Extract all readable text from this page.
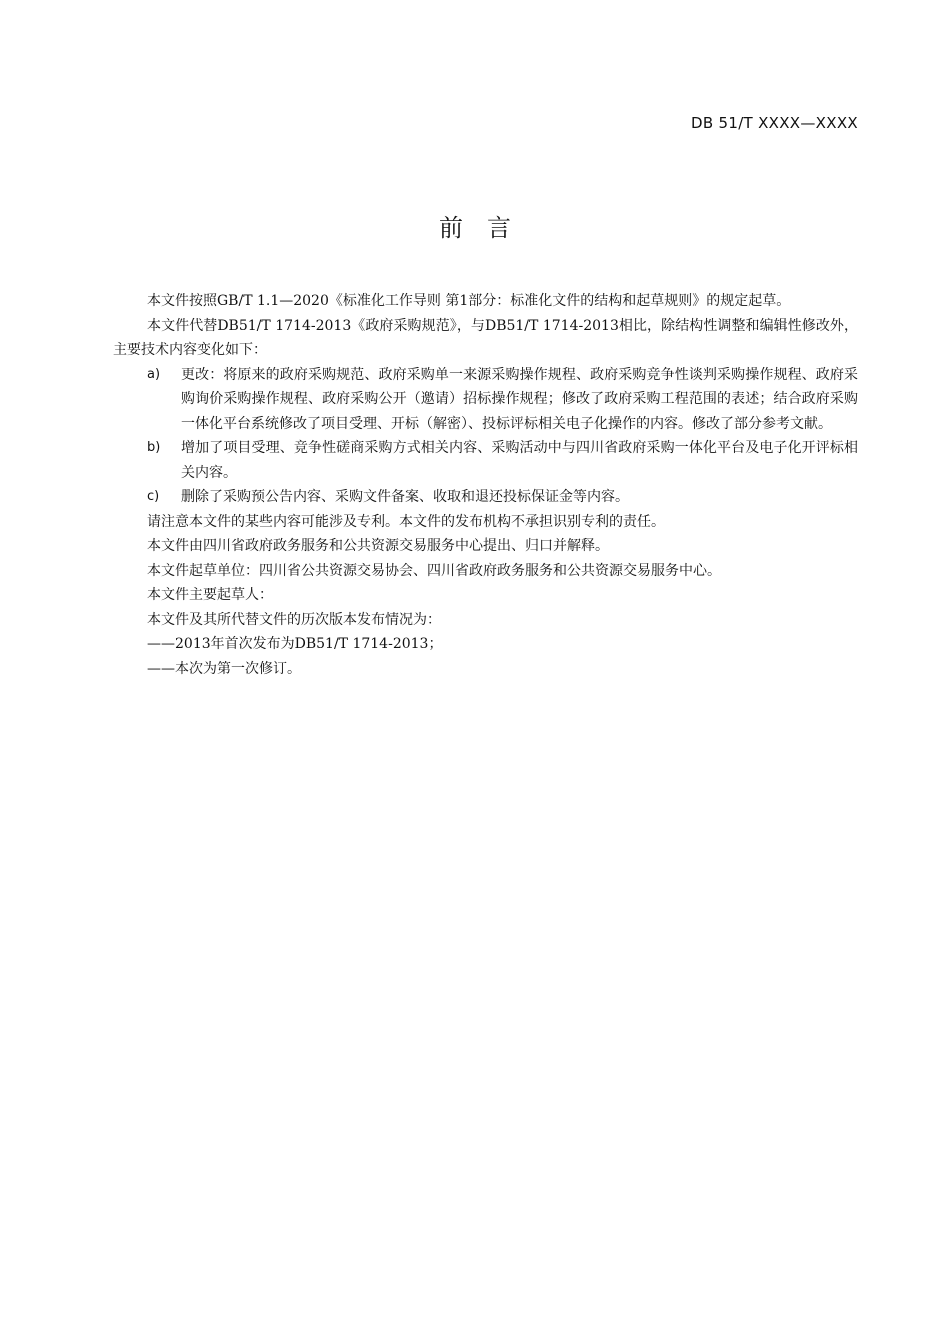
DB 51/T XXXX—XXXX
前言

本文件按照GB/T 1.1—2020《标准化工作导则 第1部分：标准化文件的结构和起草规则》的规定起草。

本文件代替DB51/T 1714-2013《政府采购规范》，与DB51/T 1714-2013相比，除结构性调整和编辑性修改外，主要技术内容变化如下：

a) 更改：将原来的政府采购规范、政府采购单一来源采购操作规程、政府采购竞争性谈判采购操作规程、政府采购询价采购操作规程、政府采购公开（邀请）招标操作规程；修改了政府采购工程范围的表述；结合政府采购一体化平台系统修改了项目受理、开标（解密）、投标评标相关电子化操作的内容。修改了部分参考文献。
b) 增加了项目受理、竞争性磋商采购方式相关内容、采购活动中与四川省政府采购一体化平台及电子化开评标相关内容。
c) 删除了采购预公告内容、采购文件备案、收取和退还投标保证金等内容。

请注意本文件的某些内容可能涉及专利。本文件的发布机构不承担识别专利的责任。

本文件由四川省政府政务服务和公共资源交易服务中心提出、归口并解释。

本文件起草单位：四川省公共资源交易协会、四川省政府政务服务和公共资源交易服务中心。

本文件主要起草人：

本文件及其所代替文件的历次版本发布情况为：

——2013年首次发布为DB51/T 1714-2013；

——本次为第一次修订。
